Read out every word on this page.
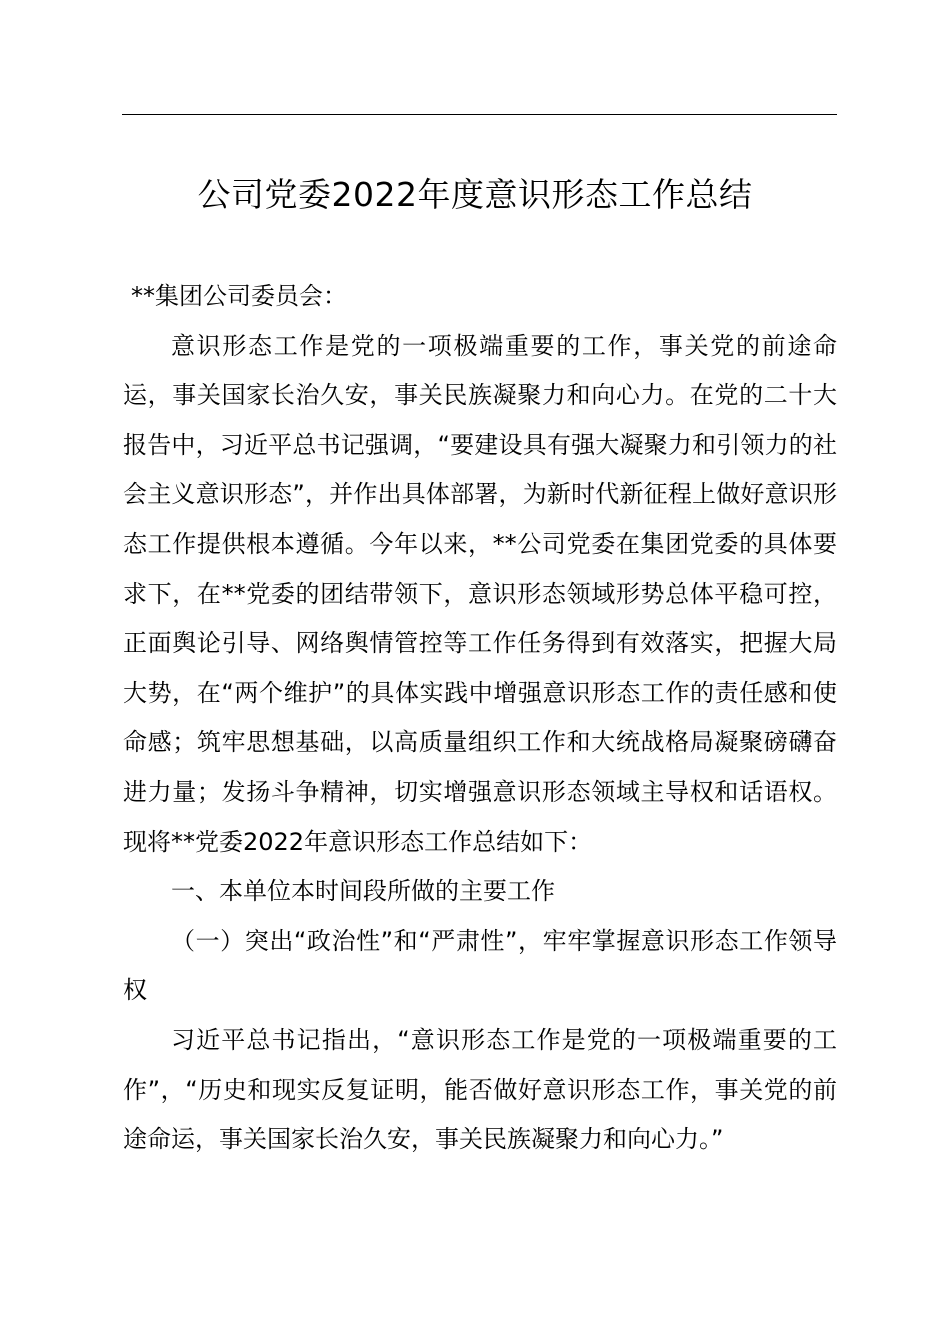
公司党委2022年度意识形态工作总结

**集团公司委员会：

意识形态工作是党的一项极端重要的工作，事关党的前途命运，事关国家长治久安，事关民族凝聚力和向心力。在党的二十大报告中，习近平总书记强调，“要建设具有强大凝聚力和引领力的社会主义意识形态”，并作出具体部署，为新时代新征程上做好意识形态工作提供根本遵循。今年以来，**公司党委在集团党委的具体要求下，在**党委的团结带领下，意识形态领域形势总体平稳可控，正面舆论引导、网络舆情管控等工作任务得到有效落实，把握大局大势，在“两个维护”的具体实践中增强意识形态工作的责任感和使命感；筑牢思想基础，以高质量组织工作和大统战格局凝聚磅礴奋进力量；发扬斗争精神，切实增强意识形态领域主导权和话语权。现将**党委2022年意识形态工作总结如下：

一、本单位本时间段所做的主要工作

（一）突出“政治性”和“严肃性”，牢牢掌握意识形态工作领导权

习近平总书记指出，“意识形态工作是党的一项极端重要的工作”，“历史和现实反复证明，能否做好意识形态工作，事关党的前途命运，事关国家长治久安，事关民族凝聚力和向心力。”
